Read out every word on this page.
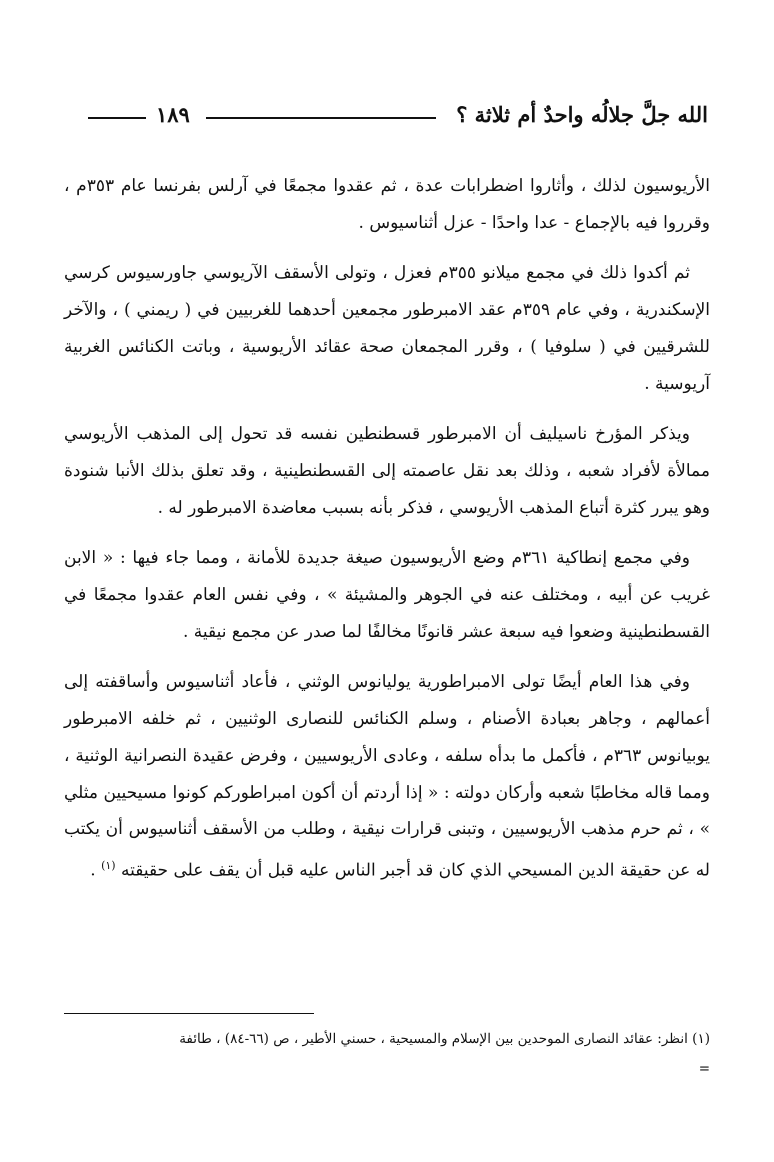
الله جلَّ جلالُه واحدٌ أم ثلاثة ؟
١٨٩

الأريوسيون لذلك ، وأثاروا اضطرابات عدة ، ثم عقدوا مجمعًا في آرلس بفرنسا عام ٣٥٣م ، وقرروا فيه بالإجماع - عدا واحدًا - عزل أثناسيوس .

ثم أكدوا ذلك في مجمع ميلانو ٣٥٥م فعزل ، وتولى الأسقف الآريوسي جاورسيوس كرسي الإسكندرية ، وفي عام ٣٥٩م عقد الامبرطور مجمعين أحدهما للغربيين في ( ريمني ) ، والآخر للشرقيين في ( سلوفيا ) ، وقرر المجمعان صحة عقائد الأريوسية ، وباتت الكنائس الغربية آريوسية .

ويذكر المؤرخ ناسيليف أن الامبرطور قسطنطين نفسه قد تحول إلى المذهب الأريوسي ممالأة لأفراد شعبه ، وذلك بعد نقل عاصمته إلى القسطنطينية ، وقد تعلق بذلك الأنبا شنودة وهو يبرر كثرة أتباع المذهب الأريوسي ، فذكر بأنه بسبب معاضدة الامبرطور له .

وفي مجمع إنطاكية ٣٦١م وضع الأريوسيون صيغة جديدة للأمانة ، ومما جاء فيها : « الابن غريب عن أبيه ، ومختلف عنه في الجوهر والمشيئة » ، وفي نفس العام عقدوا مجمعًا في القسطنطينية وضعوا فيه سبعة عشر قانونًا مخالفًا لما صدر عن مجمع نيقية .

وفي هذا العام أيضًا تولى الامبراطورية يوليانوس الوثني ، فأعاد أثناسيوس وأساقفته إلى أعمالهم ، وجاهر بعبادة الأصنام ، وسلم الكنائس للنصارى الوثنيين ، ثم خلفه الامبرطور يوبيانوس ٣٦٣م ، فأكمل ما بدأه سلفه ، وعادى الأريوسيين ، وفرض عقيدة النصرانية الوثنية ، ومما قاله مخاطبًا شعبه وأركان دولته : « إذا أردتم أن أكون امبراطوركم كونوا مسيحيين مثلي » ، ثم حرم مذهب الأريوسيين ، وتبنى قرارات نيقية ، وطلب من الأسقف أثناسيوس أن يكتب له عن حقيقة الدين المسيحي الذي كان قد أجبر الناس عليه قبل أن يقف على حقيقته $^{(١)}$ .

(١) انظر: عقائد النصارى الموحدين بين الإسلام والمسيحية ، حسني الأطير ، ص (٦٦-٨٤) ، طائفة
=
